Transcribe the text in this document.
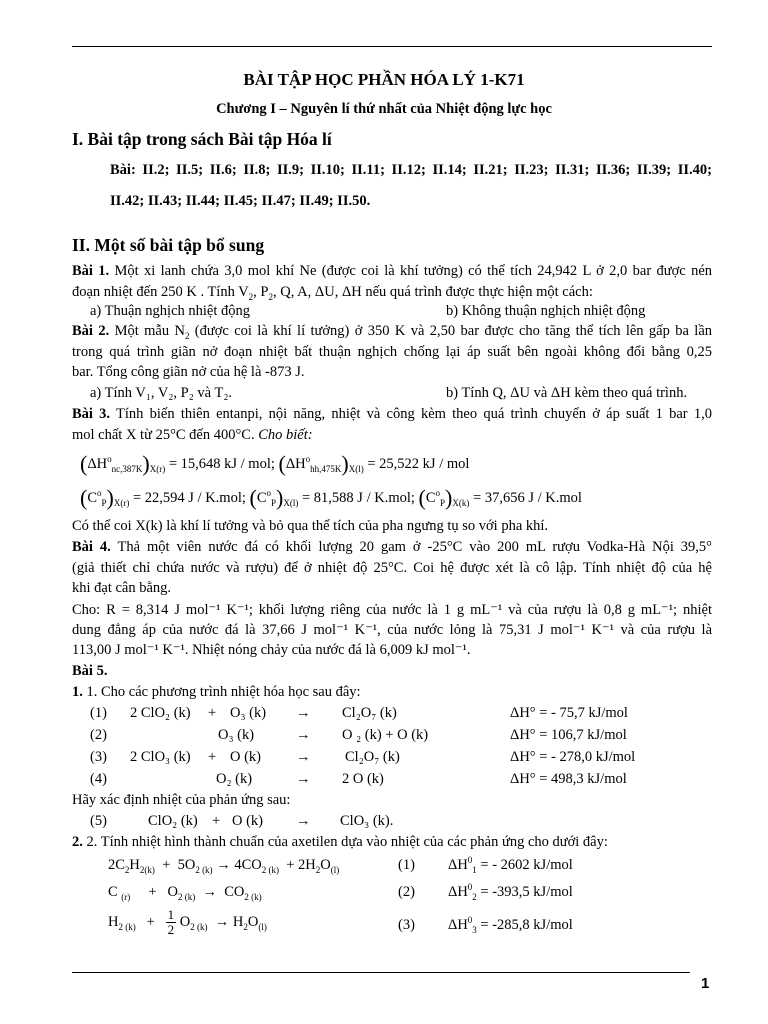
BÀI TẬP HỌC PHẦN HÓA LÝ 1-K71
Chương I – Nguyên lí thứ nhất của Nhiệt động lực học
I. Bài tập trong sách Bài tập Hóa lí
Bài: II.2; II.5; II.6; II.8; II.9; II.10; II.11; II.12; II.14; II.21; II.23; II.31; II.36; II.39; II.40;
II.42; II.43; II.44; II.45; II.47; II.49; II.50.
II. Một số bài tập bổ sung
Bài 1. Một xi lanh chứa 3,0 mol khí Ne (được coi là khí tưởng) có thể tích 24,942 L ở 2,0 bar được nén
đoạn nhiệt đến 250 K . Tính $V_2$, $P_2$, Q, A, ΔU, ΔH nếu quá trình được thực hiện một cách:
a) Thuận nghịch nhiệt động	b) Không thuận nghịch nhiệt động
Bài 2. Một mẫu $N_2$ (được coi là khí lí tưởng) ở 350 K và 2,50 bar được cho tăng thể tích lên gấp ba lần
trong quá trình giãn nở đoạn nhiệt bất thuận nghịch chống lại áp suất bên ngoài không đổi bằng 0,25
bar. Tổng công giãn nở của hệ là -873 J.
a) Tính V₁, V₂, P₂ và T₂.	b) Tính Q, ΔU và ΔH kèm theo quá trình.
Bài 3. Tính biến thiên entanpi, nội năng, nhiệt và công kèm theo quá trình chuyển ở áp suất 1 bar 1,0
mol chất X từ 25°C đến 400°C. Cho biết:
$(\Delta H^o_{nc,387K})_{X(r)} = 15,648$ kJ / mol; $(\Delta H^o_{hh,475K})_{X(l)} = 25,522$ kJ / mol
$(C^o_P)_{X(r)} = 22,594$ J / K.mol; $(C^o_P)_{X(l)} = 81,588$ J / K.mol; $(C^o_P)_{X(k)} = 37,656$ J / K.mol
Có thể coi X(k) là khí lí tưởng và bỏ qua thể tích của pha ngưng tụ so với pha khí.
Bài 4. Thả một viên nước đá có khối lượng 20 gam ở -25°C vào 200 mL rượu Vodka-Hà Nội 39,5°
(giả thiết chỉ chứa nước và rượu) để ở nhiệt độ 25°C. Coi hệ được xét là cô lập. Tính nhiệt độ của hệ
khi đạt cân bằng.
Cho: R = 8,314 J mol⁻¹ K⁻¹; khối lượng riêng của nước là 1 g mL⁻¹ và của rượu là 0,8 g mL⁻¹; nhiệt
dung đẳng áp của nước đá là 37,66 J mol⁻¹ K⁻¹, của nước lỏng là 75,31 J mol⁻¹ K⁻¹ và của rượu là
113,00 J mol⁻¹ K⁻¹. Nhiệt nóng chảy của nước đá là 6,009 kJ mol⁻¹.
Bài 5.
1. 1. Cho các phương trình nhiệt hóa học sau đây:
(1) 2 ClO₂ (k) + O₃ (k) → Cl₂O₇ (k)	ΔH° = - 75,7 kJ/mol
(2)	O₃ (k)	→ O ₂ (k) + O (k)	ΔH° = 106,7 kJ/mol
(3) 2 ClO₃ (k) + O (k) → Cl₂O₇ (k)	ΔH° = - 278,0 kJ/mol
(4)	O₂ (k)	→ 2 O (k)	ΔH° = 498,3 kJ/mol
Hãy xác định nhiệt của phản ứng sau:
(5)	ClO₂ (k) + O (k) → ClO₃ (k).
2. 2. Tính nhiệt hình thành chuẩn của axetilen dựa vào nhiệt của các phản ứng cho dưới đây:
$2C_2H_{2(k)} + 5O_{2 (k)} \to 4CO_{2 (k)} + 2H_2O_{(l)}$	(1) $\Delta H^0_1$ = - 2602 kJ/mol
C $_{(r)}$     +   $O_{2 (k)} \to CO_{2 (k)}$	(2) $\Delta H^0_2 = -393,5$ kJ/mol
$H_{2 (k)} + \frac{1}{2} O_{2 (k)} \to H_2O_{(l)}$	(3) $\Delta H^0_3 = -285,8$ kJ/mol
1
